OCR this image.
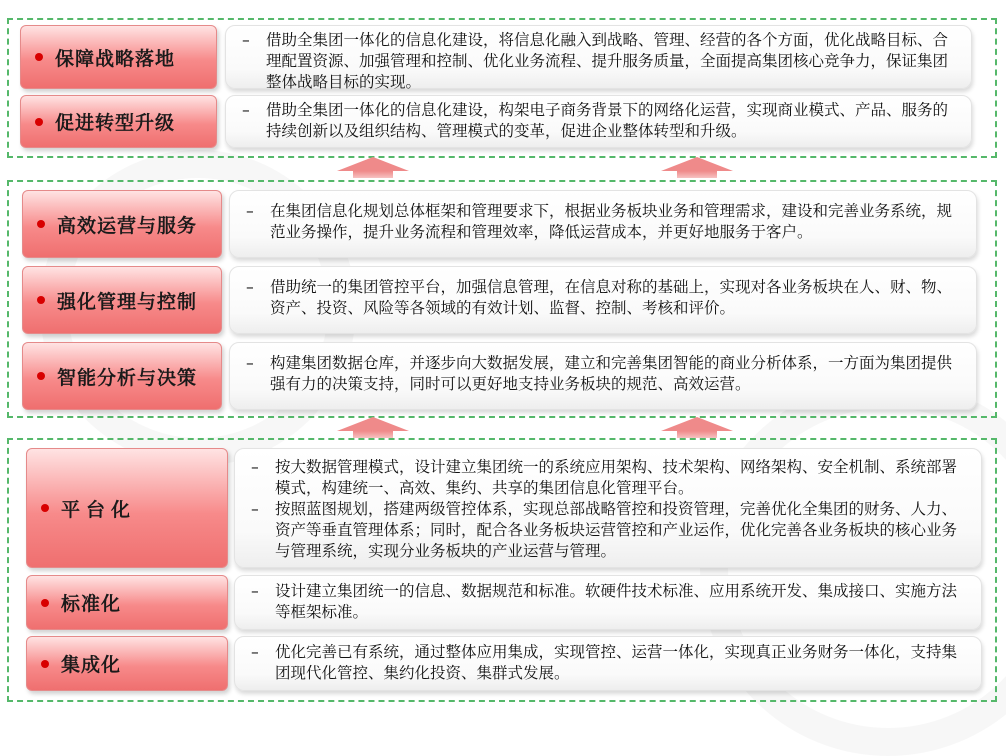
保障战略落地

– 借助全集团一体化的信息化建设，将信息化融入到战略、管理、经营的各个方面，优化战略目标、合理配置资源、加强管理和控制、优化业务流程、提升服务质量，全面提高集团核心竞争力，保证集团整体战略目标的实现。

促进转型升级

– 借助全集团一体化的信息化建设，构架电子商务背景下的网络化运营，实现商业模式、产品、服务的持续创新以及组织结构、管理模式的变革，促进企业整体转型和升级。

高效运营与服务

– 在集团信息化规划总体框架和管理要求下，根据业务板块业务和管理需求，建设和完善业务系统，规范业务操作，提升业务流程和管理效率，降低运营成本，并更好地服务于客户。

强化管理与控制

– 借助统一的集团管控平台，加强信息管理，在信息对称的基础上，实现对各业务板块在人、财、物、资产、投资、风险等各领域的有效计划、监督、控制、考核和评价。

智能分析与决策

– 构建集团数据仓库，并逐步向大数据发展，建立和完善集团智能的商业分析体系，一方面为集团提供强有力的决策支持，同时可以更好地支持业务板块的规范、高效运营。

平台化

– 按大数据管理模式，设计建立集团统一的系统应用架构、技术架构、网络架构、安全机制、系统部署模式，构建统一、高效、集约、共享的集团信息化管理平台。

– 按照蓝图规划，搭建两级管控体系，实现总部战略管控和投资管理，完善优化全集团的财务、人力、资产等垂直管理体系；同时，配合各业务板块运营管控和产业运作，优化完善各业务板块的核心业务与管理系统，实现分业务板块的产业运营与管理。

标准化

– 设计建立集团统一的信息、数据规范和标准。软硬件技术标准、应用系统开发、集成接口、实施方法等框架标准。

集成化

– 优化完善已有系统，通过整体应用集成，实现管控、运营一体化，实现真正业务财务一体化，支持集团现代化管控、集约化投资、集群式发展。
